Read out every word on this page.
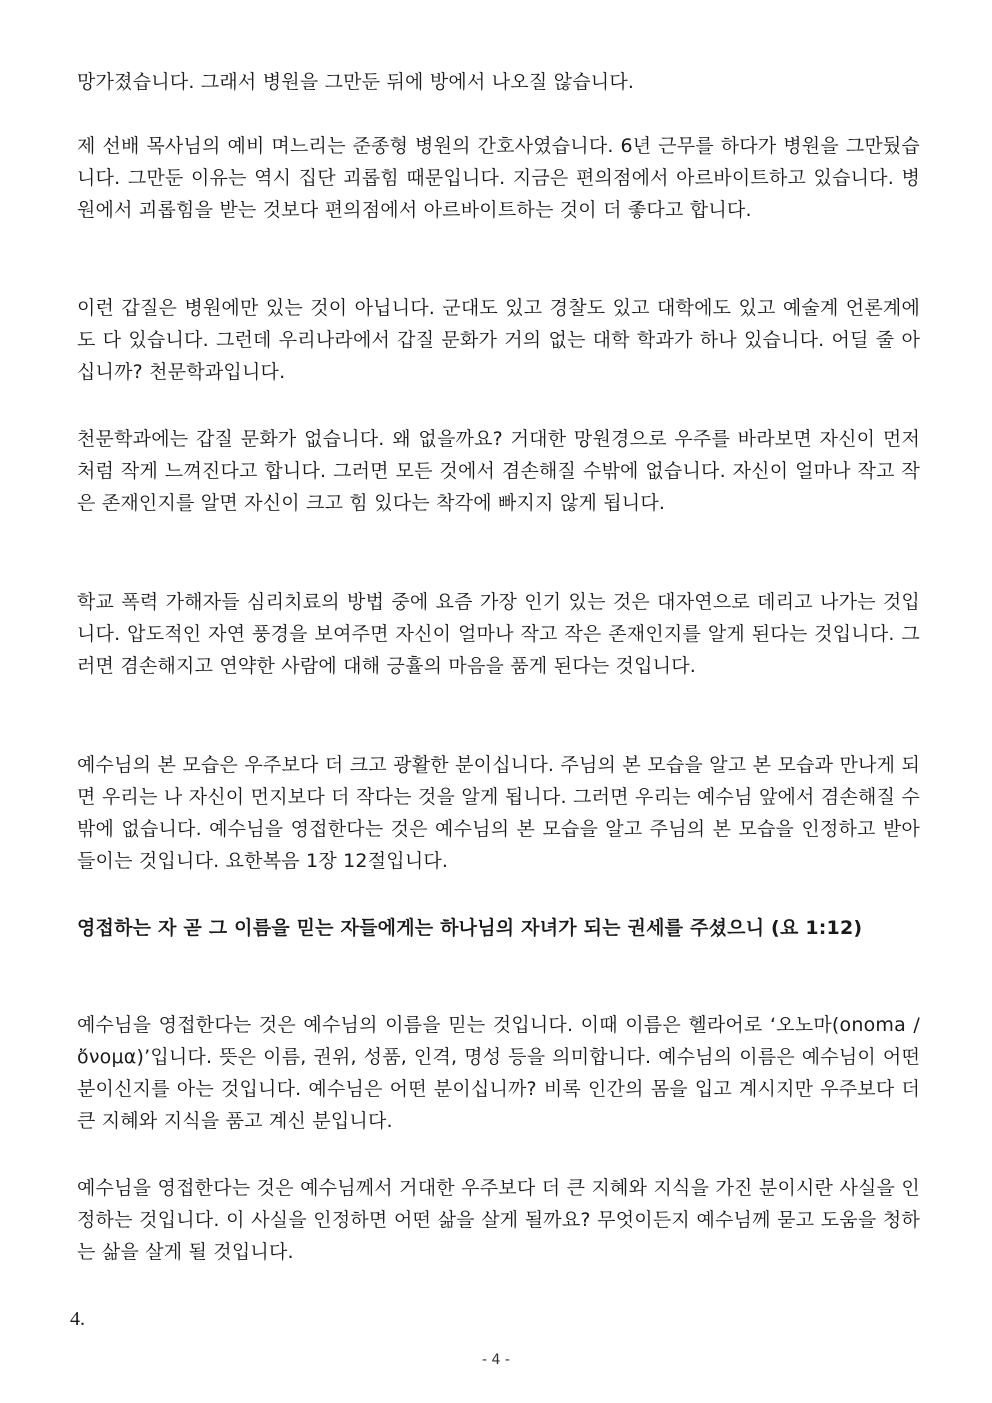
망가졌습니다. 그래서 병원을 그만둔 뒤에 방에서 나오질 않습니다.

제 선배 목사님의 예비 며느리는 준종형 병원의 간호사였습니다. 6년 근무를 하다가 병원을 그만뒀습니다. 그만둔 이유는 역시 집단 괴롭힘 때문입니다. 지금은 편의점에서 아르바이트하고 있습니다. 병원에서 괴롭힘을 받는 것보다 편의점에서 아르바이트하는 것이 더 좋다고 합니다.

이런 갑질은 병원에만 있는 것이 아닙니다. 군대도 있고 경찰도 있고 대학에도 있고 예술계 언론계에도 다 있습니다. 그런데 우리나라에서 갑질 문화가 거의 없는 대학 학과가 하나 있습니다. 어딜 줄 아십니까? 천문학과입니다.

천문학과에는 갑질 문화가 없습니다. 왜 없을까요? 거대한 망원경으로 우주를 바라보면 자신이 먼저처럼 작게 느껴진다고 합니다. 그러면 모든 것에서 겸손해질 수밖에 없습니다. 자신이 얼마나 작고 작은 존재인지를 알면 자신이 크고 힘 있다는 착각에 빠지지 않게 됩니다.

학교 폭력 가해자들 심리치료의 방법 중에 요즘 가장 인기 있는 것은 대자연으로 데리고 나가는 것입니다. 압도적인 자연 풍경을 보여주면 자신이 얼마나 작고 작은 존재인지를 알게 된다는 것입니다. 그러면 겸손해지고 연약한 사람에 대해 긍휼의 마음을 품게 된다는 것입니다.

예수님의 본 모습은 우주보다 더 크고 광활한 분이십니다. 주님의 본 모습을 알고 본 모습과 만나게 되면 우리는 나 자신이 먼지보다 더 작다는 것을 알게 됩니다. 그러면 우리는 예수님 앞에서 겸손해질 수밖에 없습니다. 예수님을 영접한다는 것은 예수님의 본 모습을 알고 주님의 본 모습을 인정하고 받아들이는 것입니다. 요한복음 1장 12절입니다.

영접하는 자 곧 그 이름을 믿는 자들에게는 하나님의 자녀가 되는 권세를 주셨으니 (요 1:12)

예수님을 영접한다는 것은 예수님의 이름을 믿는 것입니다. 이때 이름은 헬라어로 ‘오노마(onoma / ὄνομα)’입니다. 뜻은 이름, 권위, 성품, 인격, 명성 등을 의미합니다. 예수님의 이름은 예수님이 어떤 분이신지를 아는 것입니다. 예수님은 어떤 분이십니까? 비록 인간의 몸을 입고 계시지만 우주보다 더 큰 지혜와 지식을 품고 계신 분입니다.

예수님을 영접한다는 것은 예수님께서 거대한 우주보다 더 큰 지혜와 지식을 가진 분이시란 사실을 인정하는 것입니다. 이 사실을 인정하면 어떤 삶을 살게 될까요? 무엇이든지 예수님께 묻고 도움을 청하는 삶을 살게 될 것입니다.

4.
- 4 -
